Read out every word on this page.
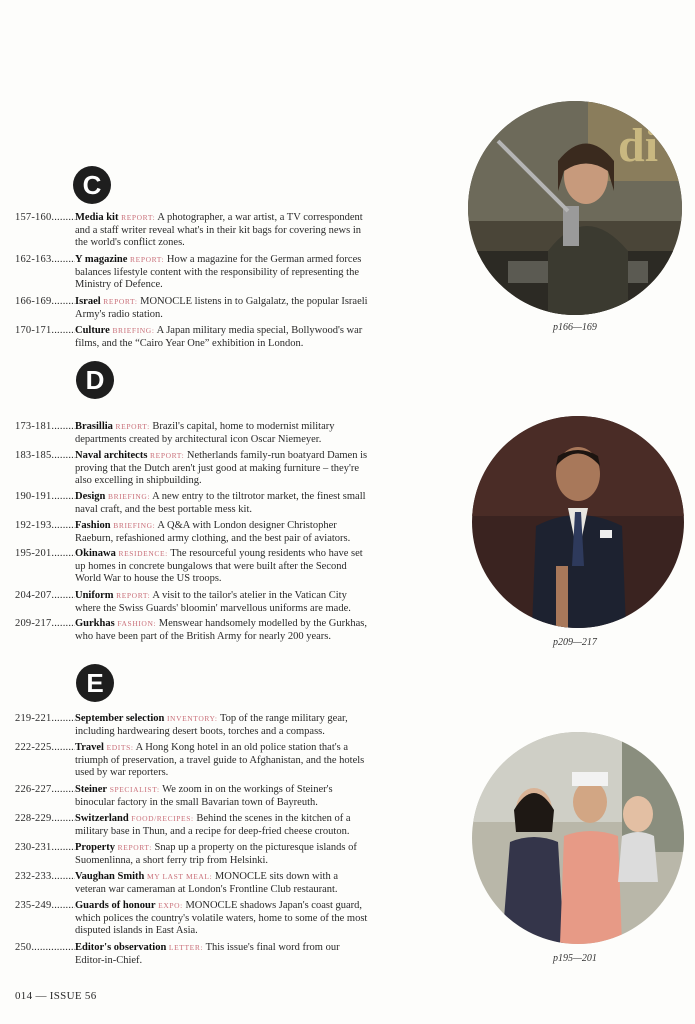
C
D
E
157-160 .....	Media kit REPORT: A photographer, a war artist, a TV correspondent and a staff writer reveal what's in their kit bags for covering news in the world's conflict zones.
162-163 .....	Y magazine REPORT: How a magazine for the German armed forces balances lifestyle content with the responsibility of representing the Ministry of Defence.
166-169 .....	Israel REPORT: MONOCLE listens in to Galgalatz, the popular Israeli Army's radio station.
170-171 .....	Culture BRIEFING: A Japan military media special, Bollywood's war films, and the “Cairo Year One” exhibition in London.
173-181 .....	Brasillia REPORT: Brazil's capital, home to modernist military departments created by architectural icon Oscar Niemeyer.
183-185 .....	Naval architects REPORT: Netherlands family-run boatyard Damen is proving that the Dutch aren't just good at making furniture – they're also excelling in shipbuilding.
190-191 .....	Design BRIEFING: A new entry to the tiltrotor market, the finest small naval craft, and the best portable mess kit.
192-193 .....	Fashion BRIEFING: A Q&A with London designer Christopher Raeburn, refashioned army clothing, and the best pair of aviators.
195-201 .....	Okinawa RESIDENCE: The resourceful young residents who have set up homes in concrete bungalows that were built after the Second World War to house the US troops.
204-207 .....	Uniform REPORT: A visit to the tailor's atelier in the Vatican City where the Swiss Guards' bloomin' marvellous uniforms are made.
209-217 .....	Gurkhas FASHION: Menswear handsomely modelled by the Gurkhas, who have been part of the British Army for nearly 200 years.
219-221 .....	September selection INVENTORY: Top of the range military gear, including hardwearing desert boots, torches and a compass.
222-225 .....	Travel EDITS: A Hong Kong hotel in an old police station that's a triumph of preservation, a travel guide to Afghanistan, and the hotels used by war reporters.
226-227 .....	Steiner SPECIALIST: We zoom in on the workings of Steiner's binocular factory in the small Bavarian town of Bayreuth.
228-229 .....	Switzerland FOOD/RECIPES: Behind the scenes in the kitchen of a military base in Thun, and a recipe for deep-fried cheese crouton.
230-231 .....	Property REPORT: Snap up a property on the picturesque islands of Suomenlinna, a short ferry trip from Helsinki.
232-233 .....	Vaughan Smith MY LAST MEAL: MONOCLE sits down with a veteran war cameraman at London's Frontline Club restaurant.
235-249 .....	Guards of honour EXPO: MONOCLE shadows Japan's coast guard, which polices the country's volatile waters, home to some of the most disputed islands in East Asia.
250 .....	Editor's observation LETTER: This issue's final word from our Editor-in-Chief.
di
p166—169
p209—217
p195—201
014 — ISSUE 56
